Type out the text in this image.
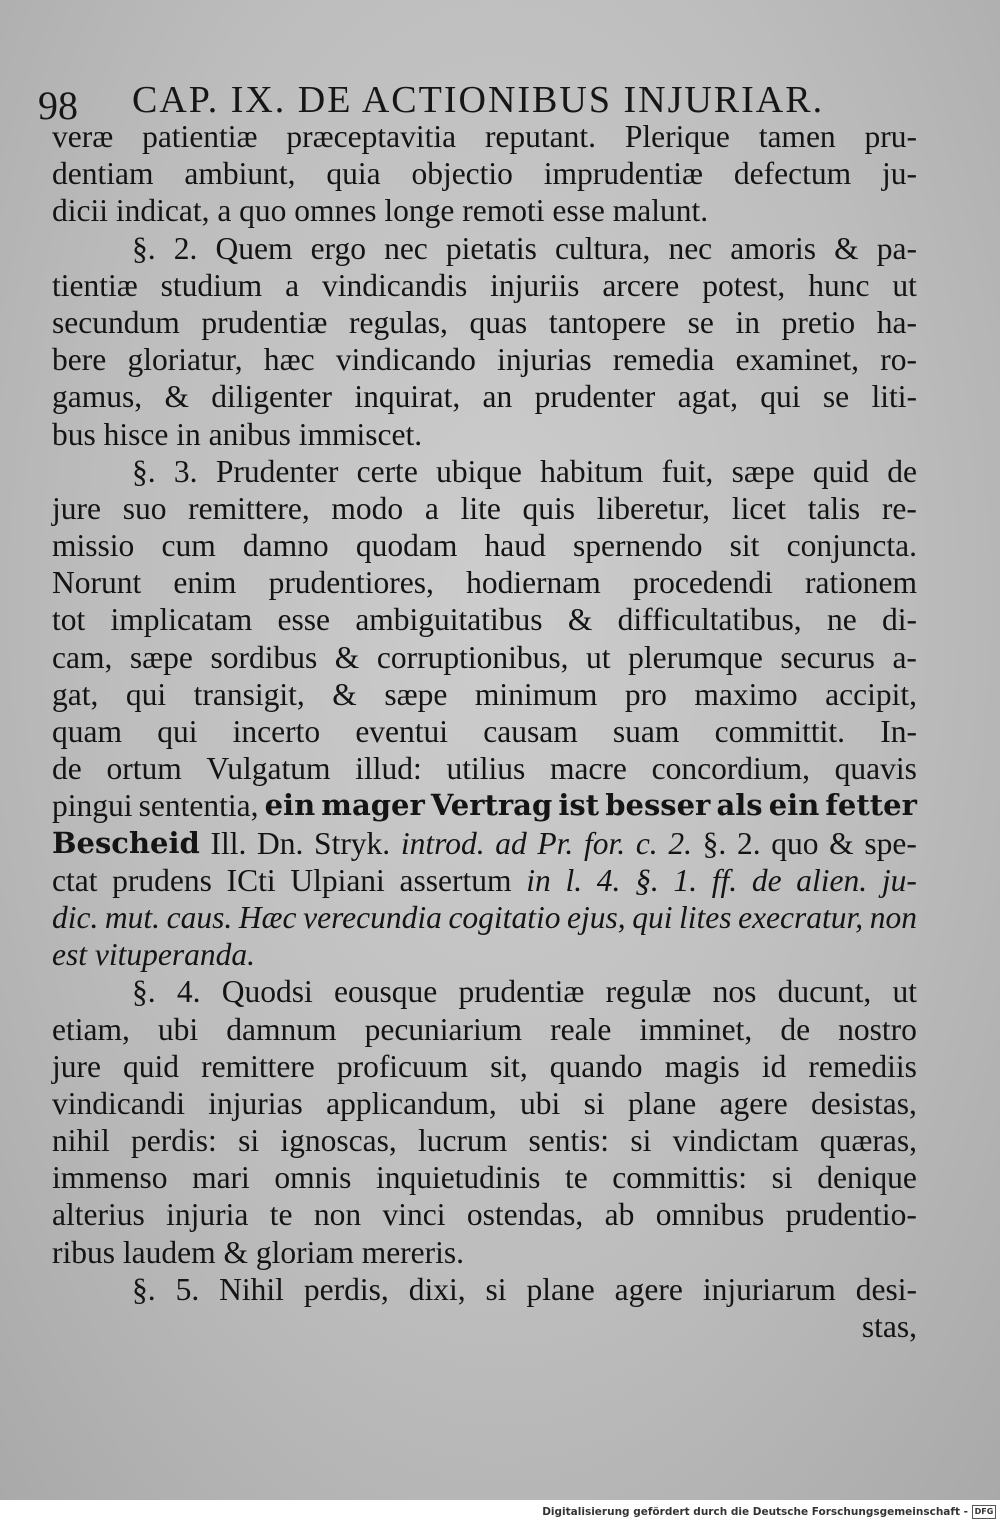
98 CAP. IX. DE ACTIONIBUS INJURIAR.
veræ patientiæ præceptavitia reputant. Plerique tamen pru-
dentiam ambiunt, quia objectio imprudentiæ defectum ju-
dicii indicat, a quo omnes longe remoti esse malunt.
§. 2. Quem ergo nec pietatis cultura, nec amoris & pa-
tientiæ studium a vindicandis injuriis arcere potest, hunc ut
secundum prudentiæ regulas, quas tantopere se in pretio ha-
bere gloriatur, hæc vindicando injurias remedia examinet, ro-
gamus, & diligenter inquirat, an prudenter agat, qui se liti-
bus hisce in anibus immiscet.
§. 3. Prudenter certe ubique habitum fuit, sæpe quid de
jure suo remittere, modo a lite quis liberetur, licet talis re-
missio cum damno quodam haud spernendo sit conjuncta.
Norunt enim prudentiores, hodiernam procedendi rationem
tot implicatam esse ambiguitatibus & difficultatibus, ne di-
cam, sæpe sordibus & corruptionibus, ut plerumque securus a-
gat, qui transigit, & sæpe minimum pro maximo accipit,
quam qui incerto eventui causam suam committit. In-
de ortum Vulgatum illud: utilius macre concordium, quavis
pingui sententia, ein mager Vertrag ist besser als ein fetter
Bescheid Ill. Dn. Stryk. introd. ad Pr. for. c. 2. §. 2. quo & spe-
ctat prudens ICti Ulpiani assertum in l. 4. §. 1. ff. de alien. ju-
dic. mut. caus. Hæc verecundia cogitatio ejus, qui lites execratur, non
est vituperanda.
§. 4. Quodsi eousque prudentiæ regulæ nos ducunt, ut
etiam, ubi damnum pecuniarium reale imminet, de nostro
jure quid remittere proficuum sit, quando magis id remediis
vindicandi injurias applicandum, ubi si plane agere desistas,
nihil perdis: si ignoscas, lucrum sentis: si vindictam quæras,
immenso mari omnis inquietudinis te committis: si denique
alterius injuria te non vinci ostendas, ab omnibus prudentio-
ribus laudem & gloriam mereris.
§. 5. Nihil perdis, dixi, si plane agere injuriarum desi-
stas,
Digitalisierung gefördert durch die Deutsche Forschungsgemeinschaft - DFG
